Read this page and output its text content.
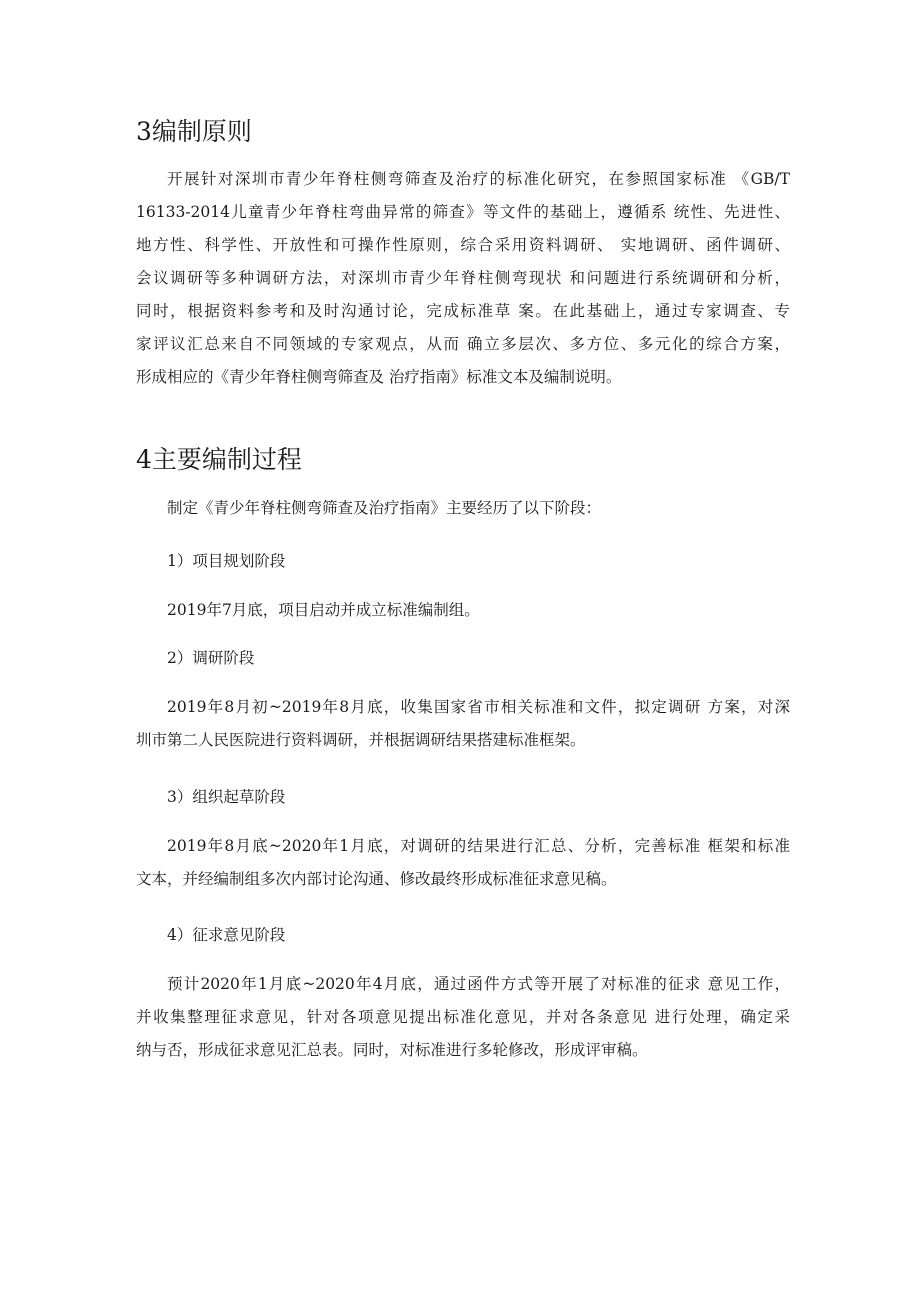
3编制原则
开展针对深圳市青少年脊柱侧弯筛查及治疗的标准化研究，在参照国家标准 《GB/T
16133-2014儿童青少年脊柱弯曲异常的筛查》等文件的基础上，遵循系 统性、先进性、
地方性、科学性、开放性和可操作性原则，综合采用资料调研、 实地调研、函件调研、
会议调研等多种调研方法，对深圳市青少年脊柱侧弯现状 和问题进行系统调研和分析，
同时，根据资料参考和及时沟通讨论，完成标准草 案。在此基础上，通过专家调查、专
家评议汇总来自不同领域的专家观点，从而 确立多层次、多方位、多元化的综合方案，
形成相应的《青少年脊柱侧弯筛查及 治疗指南》标准文本及编制说明。
4主要编制过程
制定《青少年脊柱侧弯筛查及治疗指南》主要经历了以下阶段：
1）项目规划阶段
2019年7月底，项目启动并成立标准编制组。
2）调研阶段
2019年8月初~2019年8月底，收集国家省市相关标准和文件，拟定调研 方案，对深
圳市第二人民医院进行资料调研，并根据调研结果搭建标准框架。
3）组织起草阶段
2019年8月底~2020年1月底，对调研的结果进行汇总、分析，完善标准 框架和标准
文本，并经编制组多次内部讨论沟通、修改最终形成标准征求意见稿。
4）征求意见阶段
预计2020年1月底~2020年4月底，通过函件方式等开展了对标准的征求 意见工作，
并收集整理征求意见，针对各项意见提出标准化意见，并对各条意见 进行处理，确定采
纳与否，形成征求意见汇总表。同时，对标准进行多轮修改，形成评审稿。
